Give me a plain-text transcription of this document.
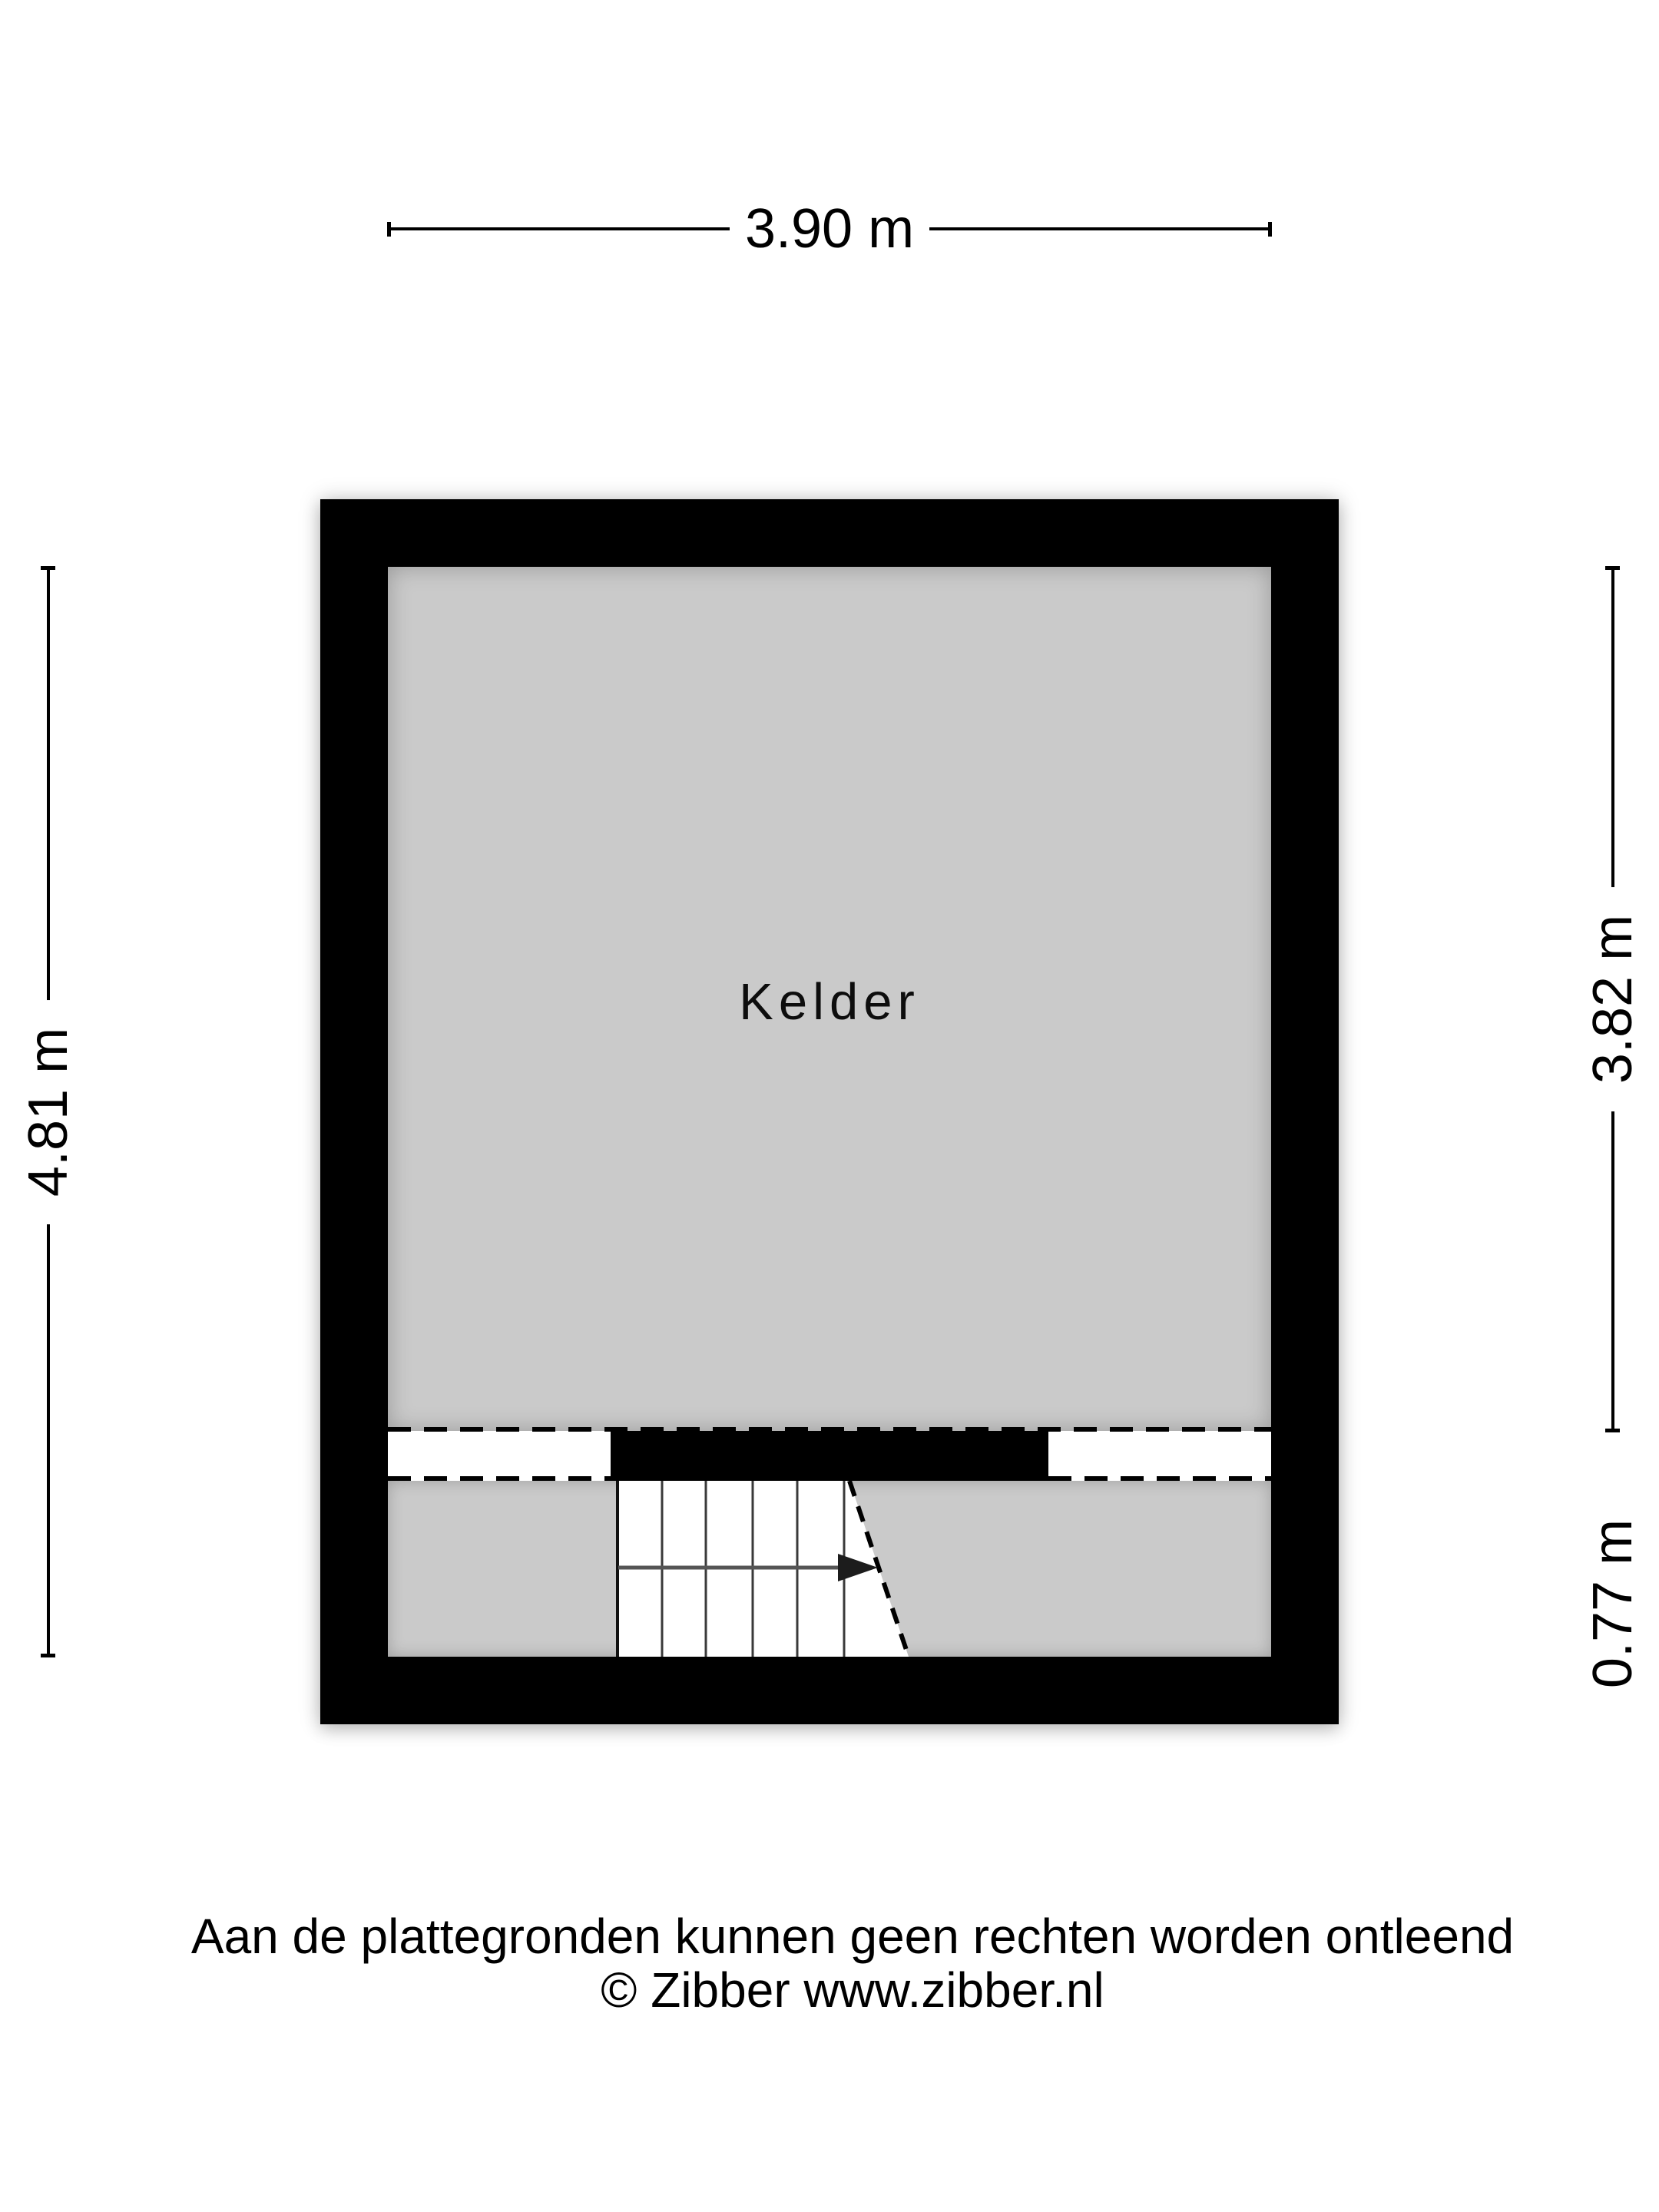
3.90 m
4.81 m
3.82 m
0.77 m
Kelder
Aan de plattegronden kunnen geen rechten worden ontleend
© Zibber www.zibber.nl
